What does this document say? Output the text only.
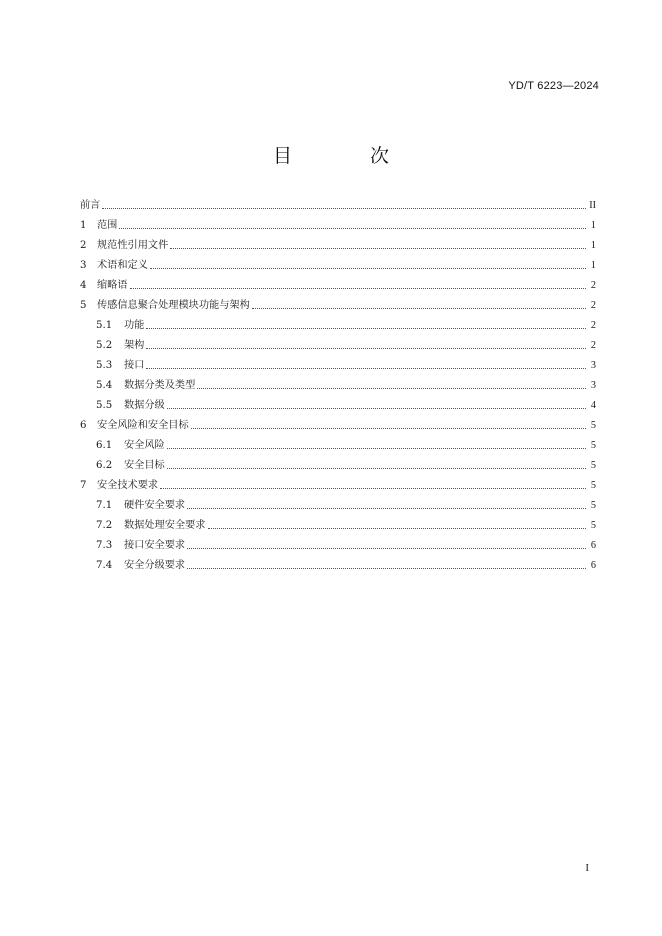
YD/T 6223—2024
目 次
前言	II
1	范围	1
2	规范性引用文件	1
3	术语和定义	1
4	缩略语	2
5	传感信息聚合处理模块功能与架构	2
5.1	功能	2
5.2	架构	2
5.3	接口	3
5.4	数据分类及类型	3
5.5	数据分级	4
6	安全风险和安全目标	5
6.1	安全风险	5
6.2	安全目标	5
7	安全技术要求	5
7.1	硬件安全要求	5
7.2	数据处理安全要求	5
7.3	接口安全要求	6
7.4	安全分级要求	6
I
